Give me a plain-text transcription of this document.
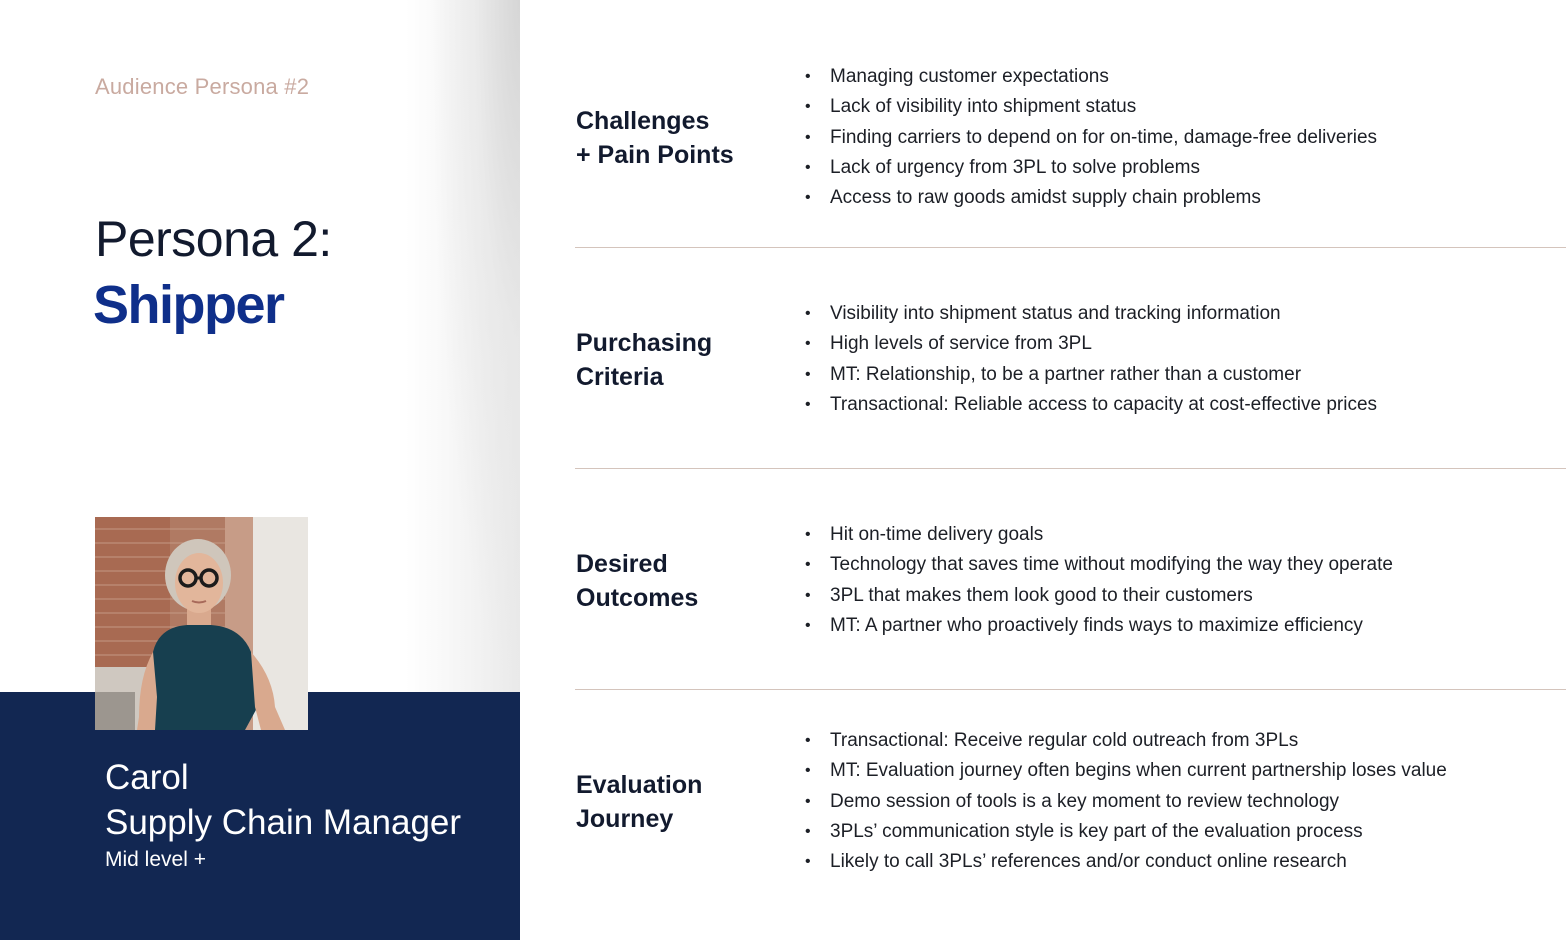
Audience Persona #2
Persona 2:
Shipper
Carol
Supply Chain Manager
Mid level +
Challenges
+ Pain Points
• Managing customer expectations
• Lack of visibility into shipment status
• Finding carriers to depend on for on-time, damage-free deliveries
• Lack of urgency from 3PL to solve problems
• Access to raw goods amidst supply chain problems
Purchasing
Criteria
• Visibility into shipment status and tracking information
• High levels of service from 3PL
• MT: Relationship, to be a partner rather than a customer
• Transactional: Reliable access to capacity at cost-effective prices
Desired
Outcomes
• Hit on-time delivery goals
• Technology that saves time without modifying the way they operate
• 3PL that makes them look good to their customers
• MT: A partner who proactively finds ways to maximize efficiency
Evaluation
Journey
• Transactional: Receive regular cold outreach from 3PLs
• MT: Evaluation journey often begins when current partnership loses value
• Demo session of tools is a key moment to review technology
• 3PLs’ communication style is key part of the evaluation process
• Likely to call 3PLs’ references and/or conduct online research
